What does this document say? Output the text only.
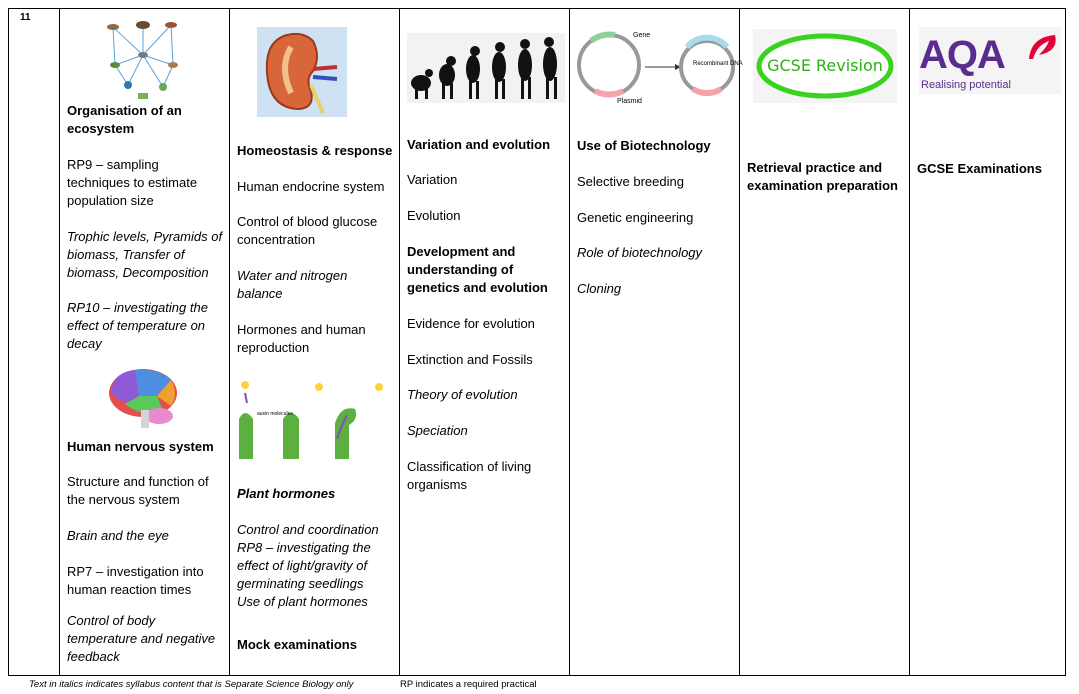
11
Organisation of an ecosystem
RP9 – sampling techniques to estimate population size
Trophic levels, Pyramids of biomass, Transfer of biomass, Decomposition
RP10 – investigating the effect of temperature on decay
Human nervous system
Structure and function of the nervous system
Brain and the eye
RP7 – investigation into human reaction times
Control of body temperature and negative feedback
Homeostasis & response
Human endocrine system
Control of blood glucose concentration
Water and nitrogen balance
Hormones and human reproduction
auxin molecules
Plant hormones
Control and coordination
RP8 – investigating the effect of light/gravity of germinating seedlings
Use of plant hormones
Mock examinations
Variation and evolution
Variation
Evolution
Development and understanding of genetics and evolution
Evidence for evolution
Extinction and Fossils
Theory of evolution
Speciation
Classification of living organisms
Gene
Plasmid
Recombinant DNA
Use of Biotechnology
Selective breeding
Genetic engineering
Role of biotechnology
Cloning
GCSE Revision
Retrieval practice and examination preparation
AQA
Realising potential
GCSE Examinations
Text in italics indicates syllabus content that is Separate Science Biology only	RP indicates a required practical
